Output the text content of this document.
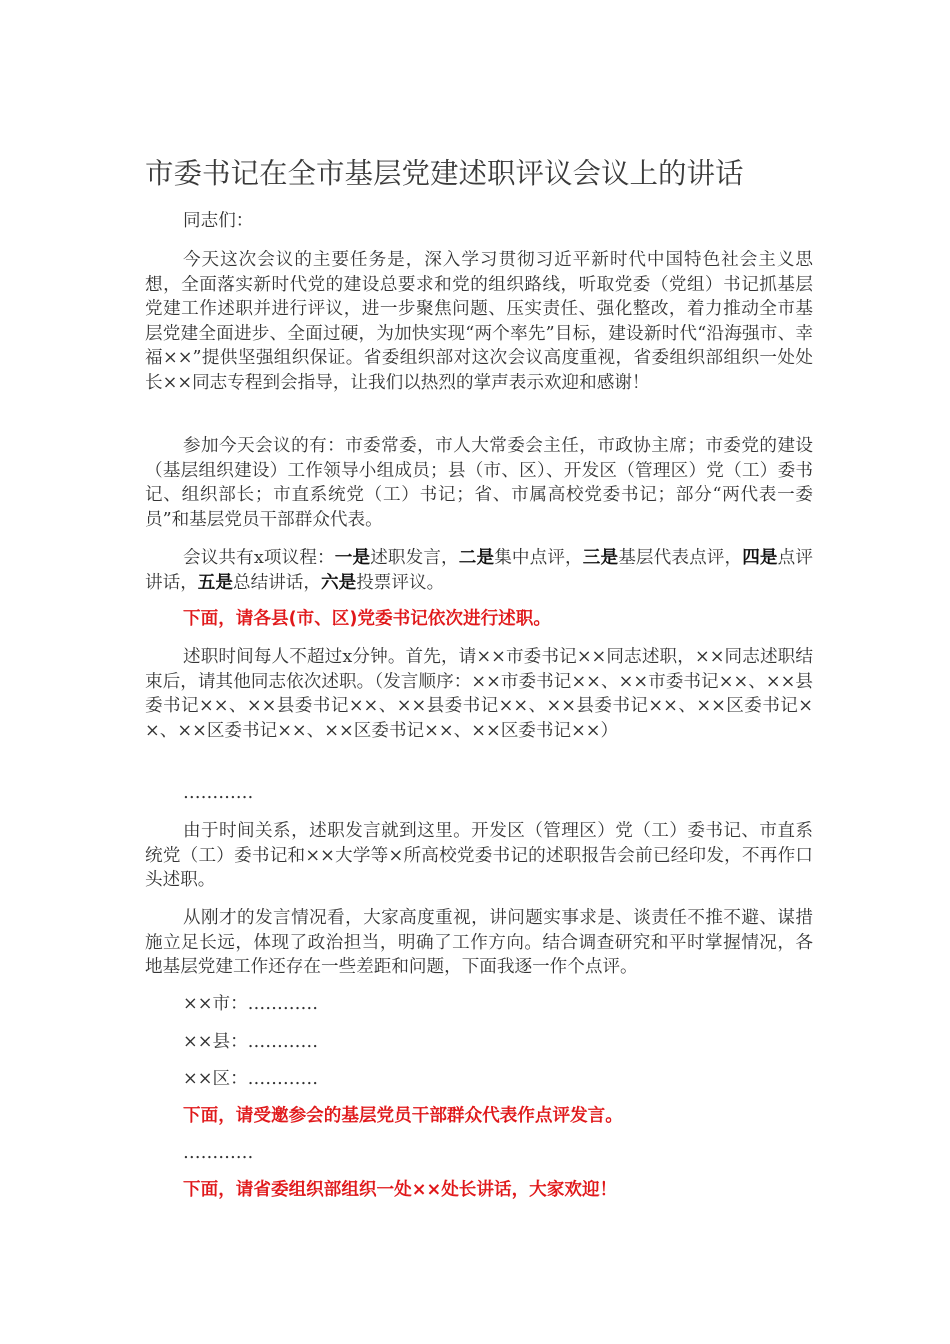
市委书记在全市基层党建述职评议会议上的讲话

同志们：

今天这次会议的主要任务是，深入学习贯彻习近平新时代中国特色社会主义思想，全面落实新时代党的建设总要求和党的组织路线，听取党委（党组）书记抓基层党建工作述职并进行评议，进一步聚焦问题、压实责任、强化整改，着力推动全市基层党建全面进步、全面过硬，为加快实现“两个率先”目标，建设新时代“沿海强市、幸福××”提供坚强组织保证。省委组织部对这次会议高度重视，省委组织部组织一处处长××同志专程到会指导，让我们以热烈的掌声表示欢迎和感谢！

参加今天会议的有：市委常委，市人大常委会主任，市政协主席；市委党的建设（基层组织建设）工作领导小组成员；县（市、区）、开发区（管理区）党（工）委书记、组织部长；市直系统党（工）书记；省、市属高校党委书记；部分“两代表一委员”和基层党员干部群众代表。

会议共有x项议程：一是述职发言，二是集中点评，三是基层代表点评，四是点评讲话，五是总结讲话，六是投票评议。

下面，请各县(市、区)党委书记依次进行述职。

述职时间每人不超过x分钟。首先，请××市委书记××同志述职，××同志述职结束后，请其他同志依次述职。（发言顺序：××市委书记××、××市委书记××、××县委书记××、××县委书记××、××县委书记××、××县委书记××、××区委书记××、××区委书记××、××区委书记××、××区委书记××）

…………

由于时间关系，述职发言就到这里。开发区（管理区）党（工）委书记、市直系统党（工）委书记和××大学等×所高校党委书记的述职报告会前已经印发，不再作口头述职。

从刚才的发言情况看，大家高度重视，讲问题实事求是、谈责任不推不避、谋措施立足长远，体现了政治担当，明确了工作方向。结合调查研究和平时掌握情况，各地基层党建工作还存在一些差距和问题，下面我逐一作个点评。

××市：…………

××县：…………

××区：…………

下面，请受邀参会的基层党员干部群众代表作点评发言。

…………

下面，请省委组织部组织一处××处长讲话，大家欢迎！
